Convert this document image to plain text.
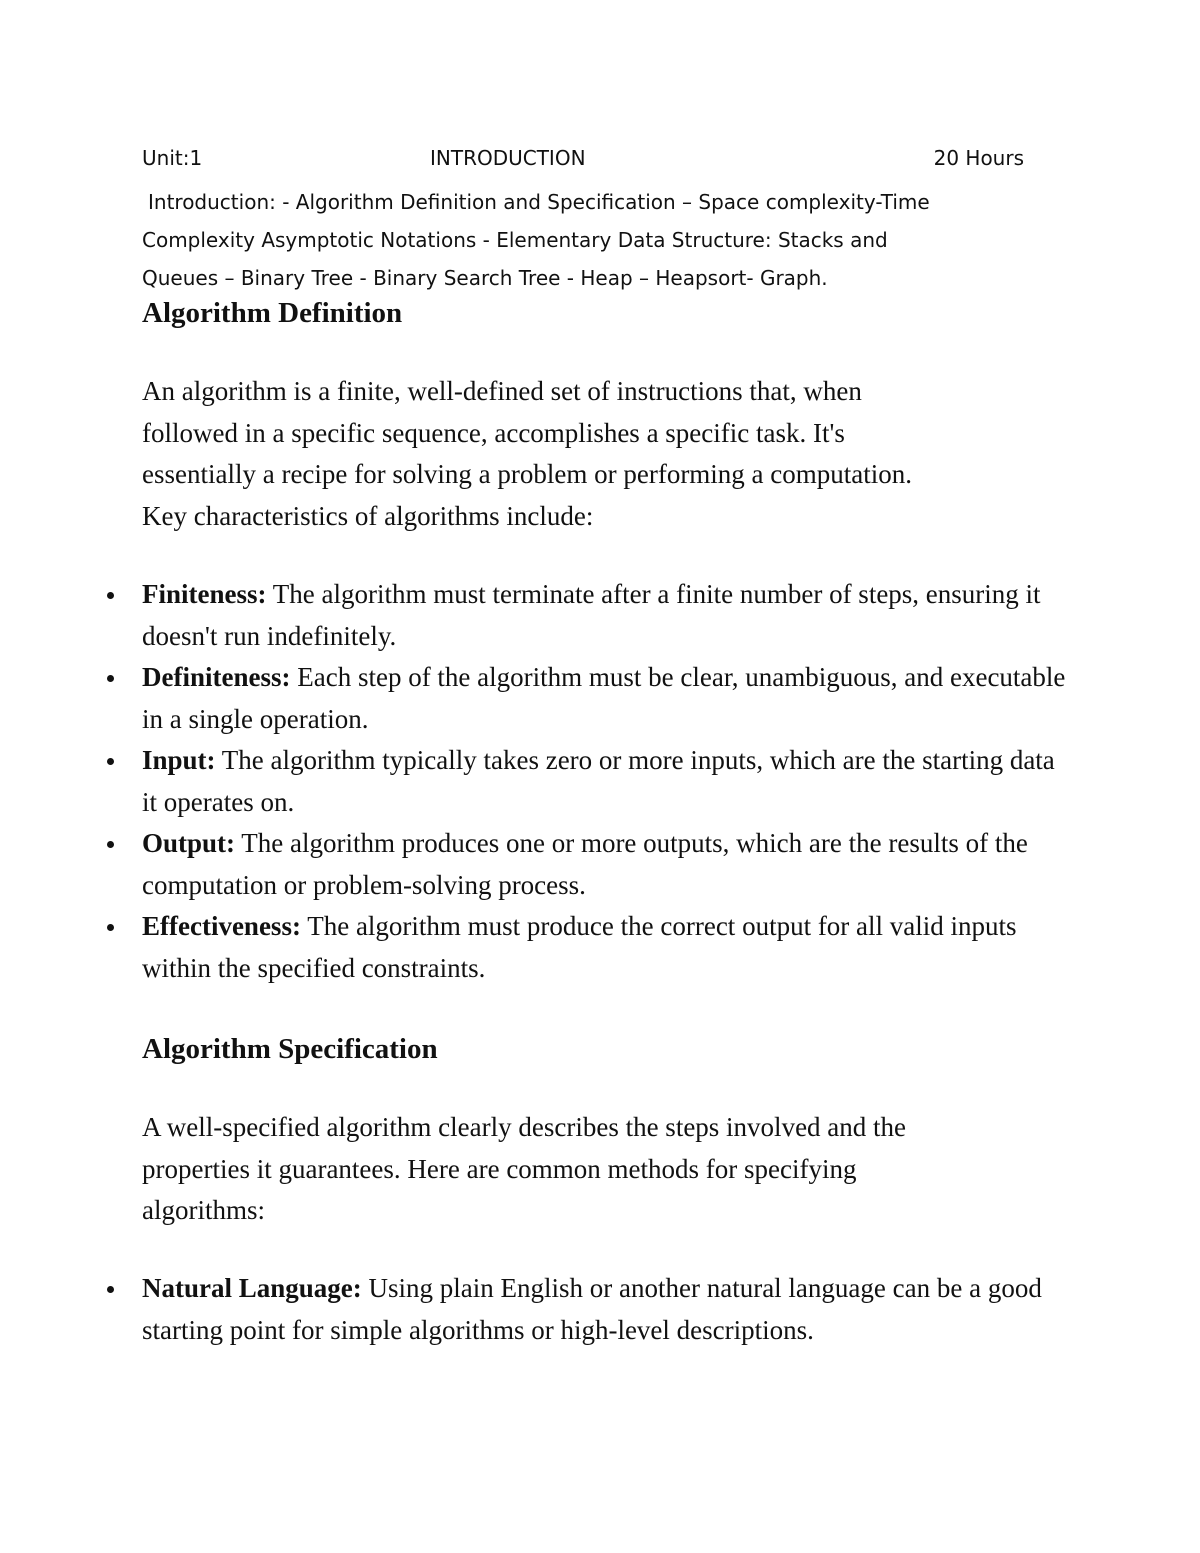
Unit:1	INTRODUCTION	20 Hours
Introduction: - Algorithm Definition and Specification – Space complexity-Time
Complexity Asymptotic Notations - Elementary Data Structure: Stacks and
Queues – Binary Tree - Binary Search Tree - Heap – Heapsort- Graph.
Algorithm Definition
An algorithm is a finite, well-defined set of instructions that, when
followed in a specific sequence, accomplishes a specific task. It's
essentially a recipe for solving a problem or performing a computation.
Key characteristics of algorithms include:
Finiteness: The algorithm must terminate after a finite number of steps, ensuring it doesn't run indefinitely.
Definiteness: Each step of the algorithm must be clear, unambiguous, and executable in a single operation.
Input: The algorithm typically takes zero or more inputs, which are the starting data it operates on.
Output: The algorithm produces one or more outputs, which are the results of the computation or problem-solving process.
Effectiveness: The algorithm must produce the correct output for all valid inputs within the specified constraints.
Algorithm Specification
A well-specified algorithm clearly describes the steps involved and the
properties it guarantees. Here are common methods for specifying
algorithms:
Natural Language: Using plain English or another natural language can be a good starting point for simple algorithms or high-level descriptions.
